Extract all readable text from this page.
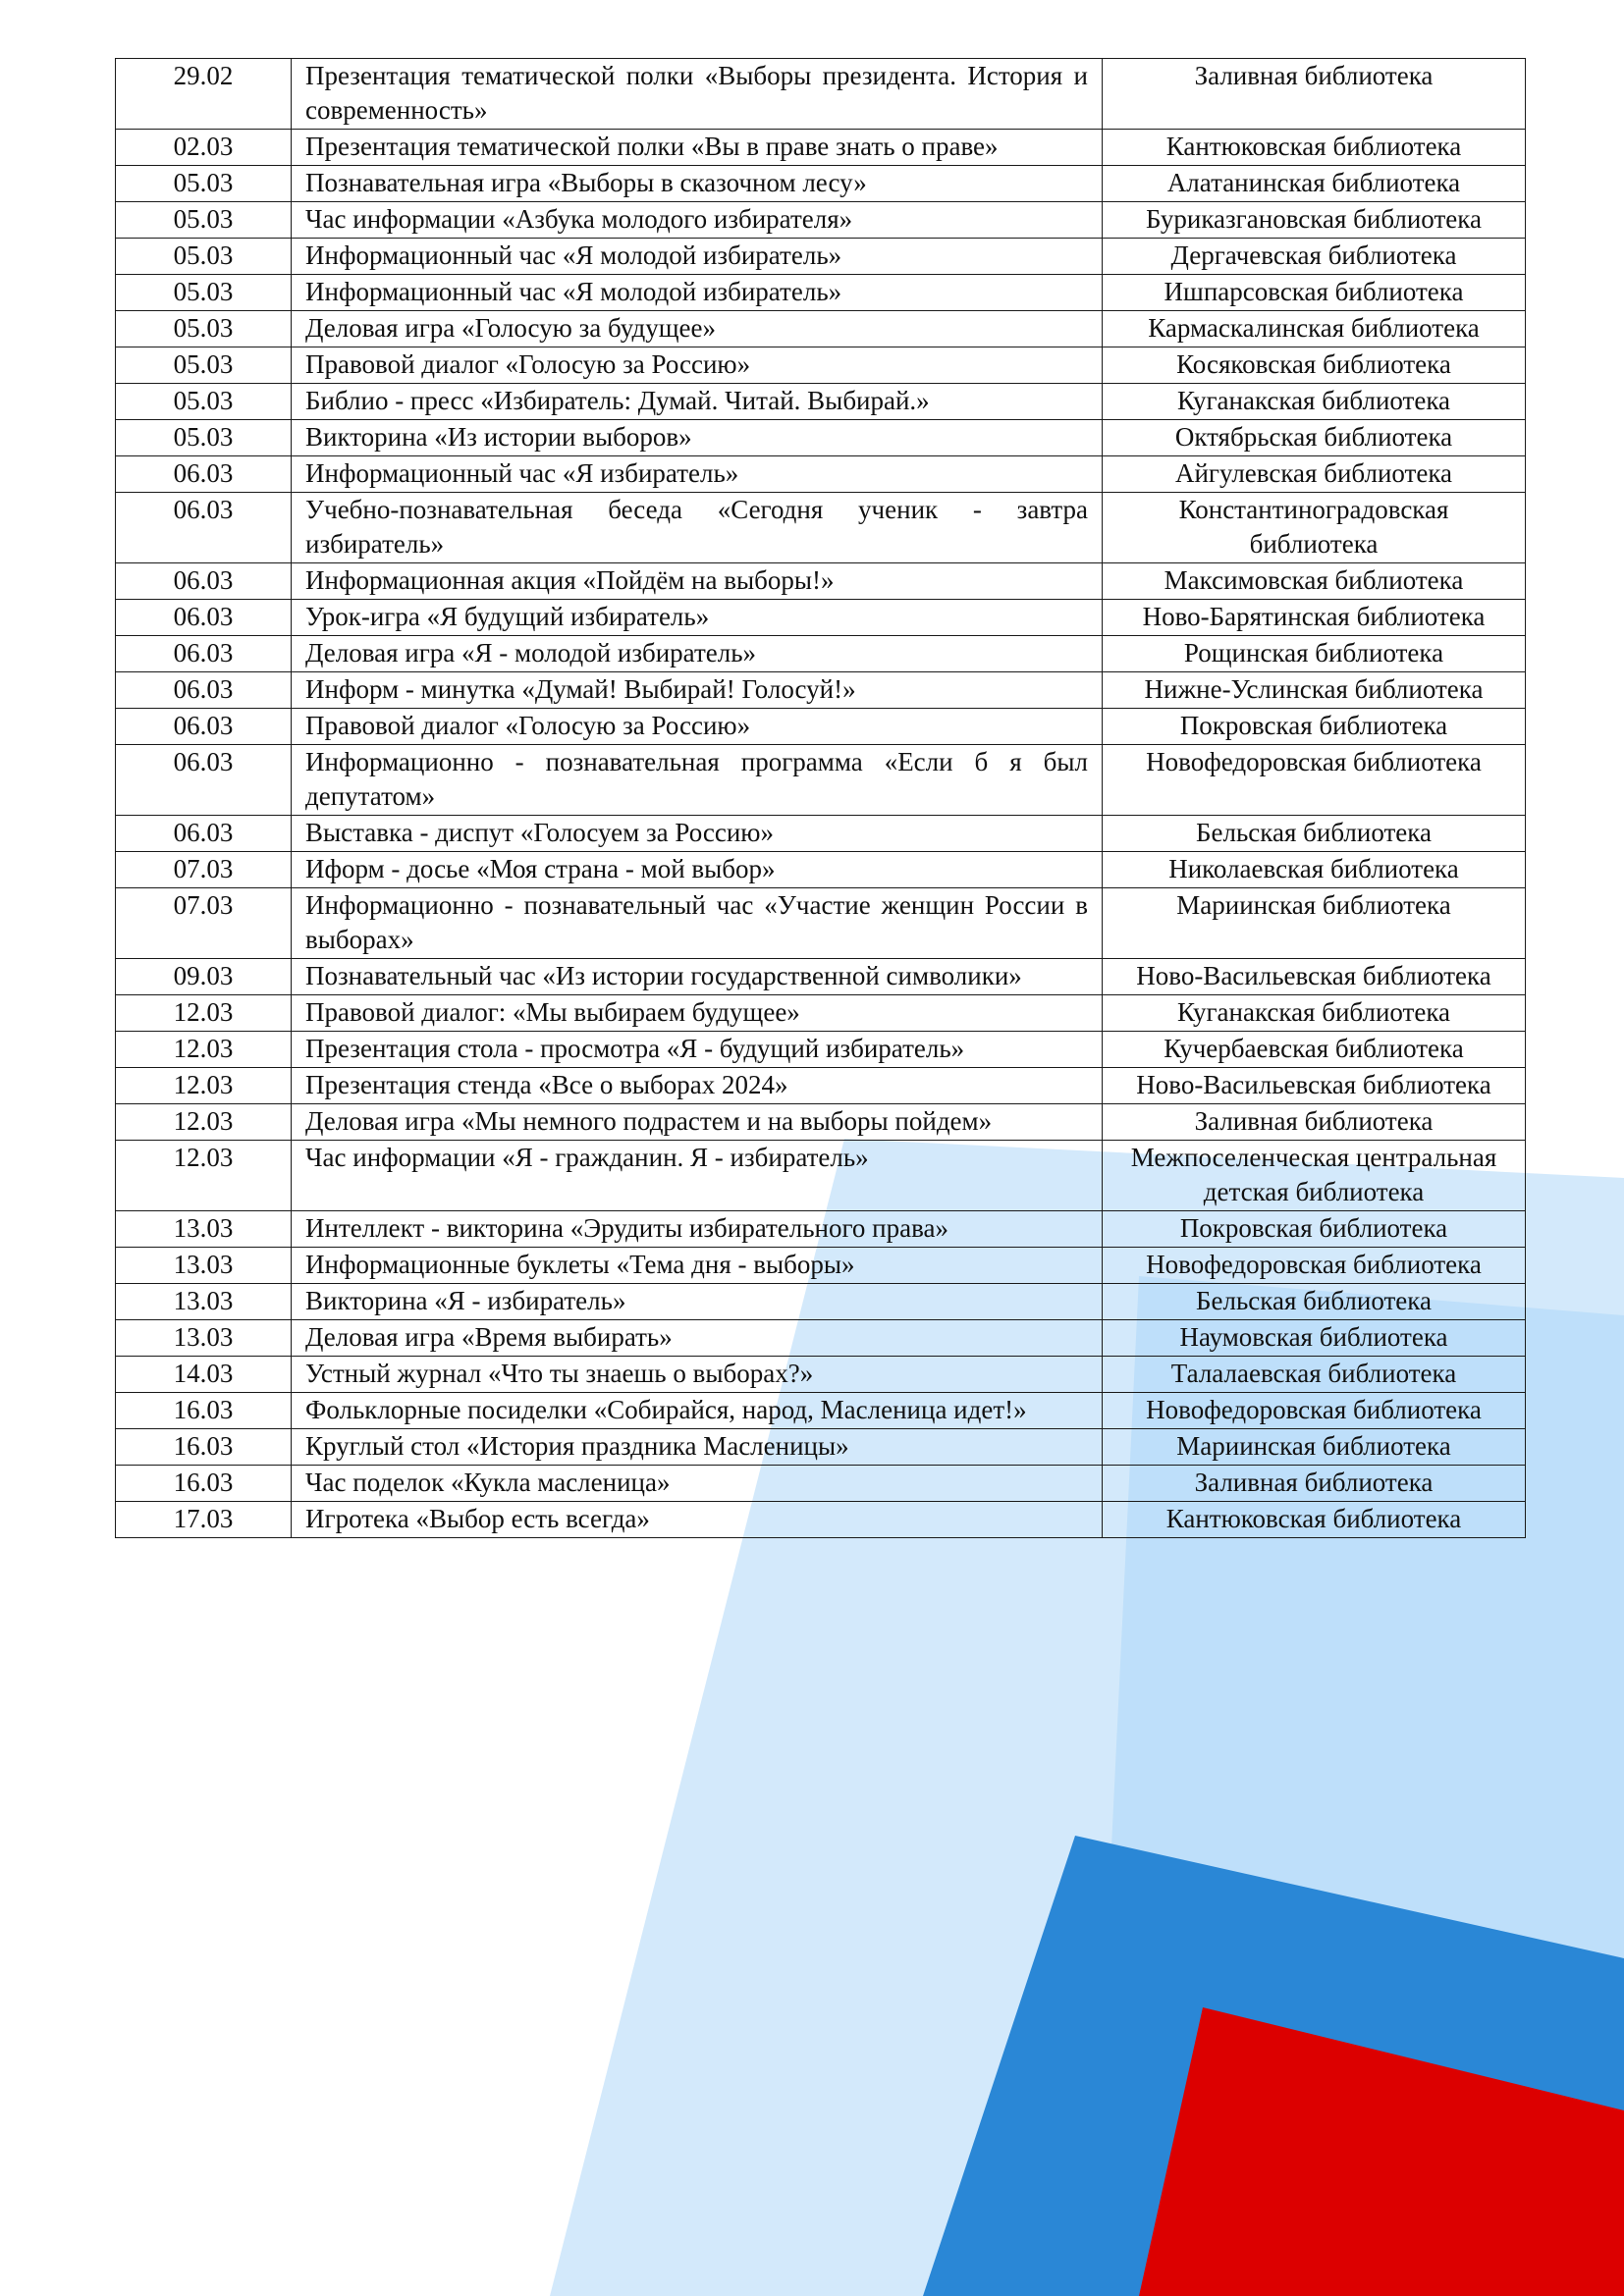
29.02	Презентация тематической полки «Выборы президента. История и современность»	Заливная библиотека
02.03	Презентация тематической полки «Вы в праве знать о праве»	Кантюковская библиотека
05.03	Познавательная игра «Выборы в сказочном лесу»	Алатанинская библиотека
05.03	Час информации «Азбука молодого избирателя»	Буриказгановская библиотека
05.03	Информационный час «Я молодой избиратель»	Дергачевская библиотека
05.03	Информационный час «Я молодой избиратель»	Ишпарсовская библиотека
05.03	Деловая игра «Голосую за будущее»	Кармаскалинская библиотека
05.03	Правовой диалог «Голосую за Россию»	Косяковская библиотека
05.03	Библио - пресс «Избиратель: Думай. Читай. Выбирай.»	Куганакская библиотека
05.03	Викторина «Из истории выборов»	Октябрьская библиотека
06.03	Информационный час «Я избиратель»	Айгулевская библиотека
06.03	Учебно-познавательная беседа «Сегодня ученик - завтра избиратель»	Константиноградовская библиотека
06.03	Информационная акция «Пойдём на выборы!»	Максимовская библиотека
06.03	Урок-игра «Я будущий избиратель»	Ново-Барятинская библиотека
06.03	Деловая игра «Я - молодой избиратель»	Рощинская библиотека
06.03	Информ - минутка «Думай! Выбирай! Голосуй!»	Нижне-Услинская библиотека
06.03	Правовой диалог «Голосую за Россию»	Покровская библиотека
06.03	Информационно - познавательная программа «Если б я был депутатом»	Новофедоровская библиотека
06.03	Выставка - диспут «Голосуем за Россию»	Бельская библиотека
07.03	Иформ - досье «Моя страна - мой выбор»	Николаевская библиотека
07.03	Информационно - познавательный час «Участие женщин России в выборах»	Мариинская библиотека
09.03	Познавательный час «Из истории государственной символики»	Ново-Васильевская библиотека
12.03	Правовой диалог: «Мы выбираем будущее»	Куганакская библиотека
12.03	Презентация стола - просмотра «Я - будущий избиратель»	Кучербаевская библиотека
12.03	Презентация стенда «Все о выборах 2024»	Ново-Васильевская библиотека
12.03	Деловая игра «Мы немного подрастем и на выборы пойдем»	Заливная библиотека
12.03	Час информации «Я - гражданин. Я - избиратель»	Межпоселенческая центральная детская библиотека
13.03	Интеллект - викторина «Эрудиты избирательного права»	Покровская библиотека
13.03	Информационные буклеты «Тема дня - выборы»	Новофедоровская библиотека
13.03	Викторина «Я - избиратель»	Бельская библиотека
13.03	Деловая игра «Время выбирать»	Наумовская библиотека
14.03	Устный журнал «Что ты знаешь о выборах?»	Талалаевская библиотека
16.03	Фольклорные посиделки «Собирайся, народ, Масленица идет!»	Новофедоровская библиотека
16.03	Круглый стол «История праздника Масленицы»	Мариинская библиотека
16.03	Час поделок «Кукла масленица»	Заливная библиотека
17.03	Игротека «Выбор есть всегда»	Кантюковская библиотека
